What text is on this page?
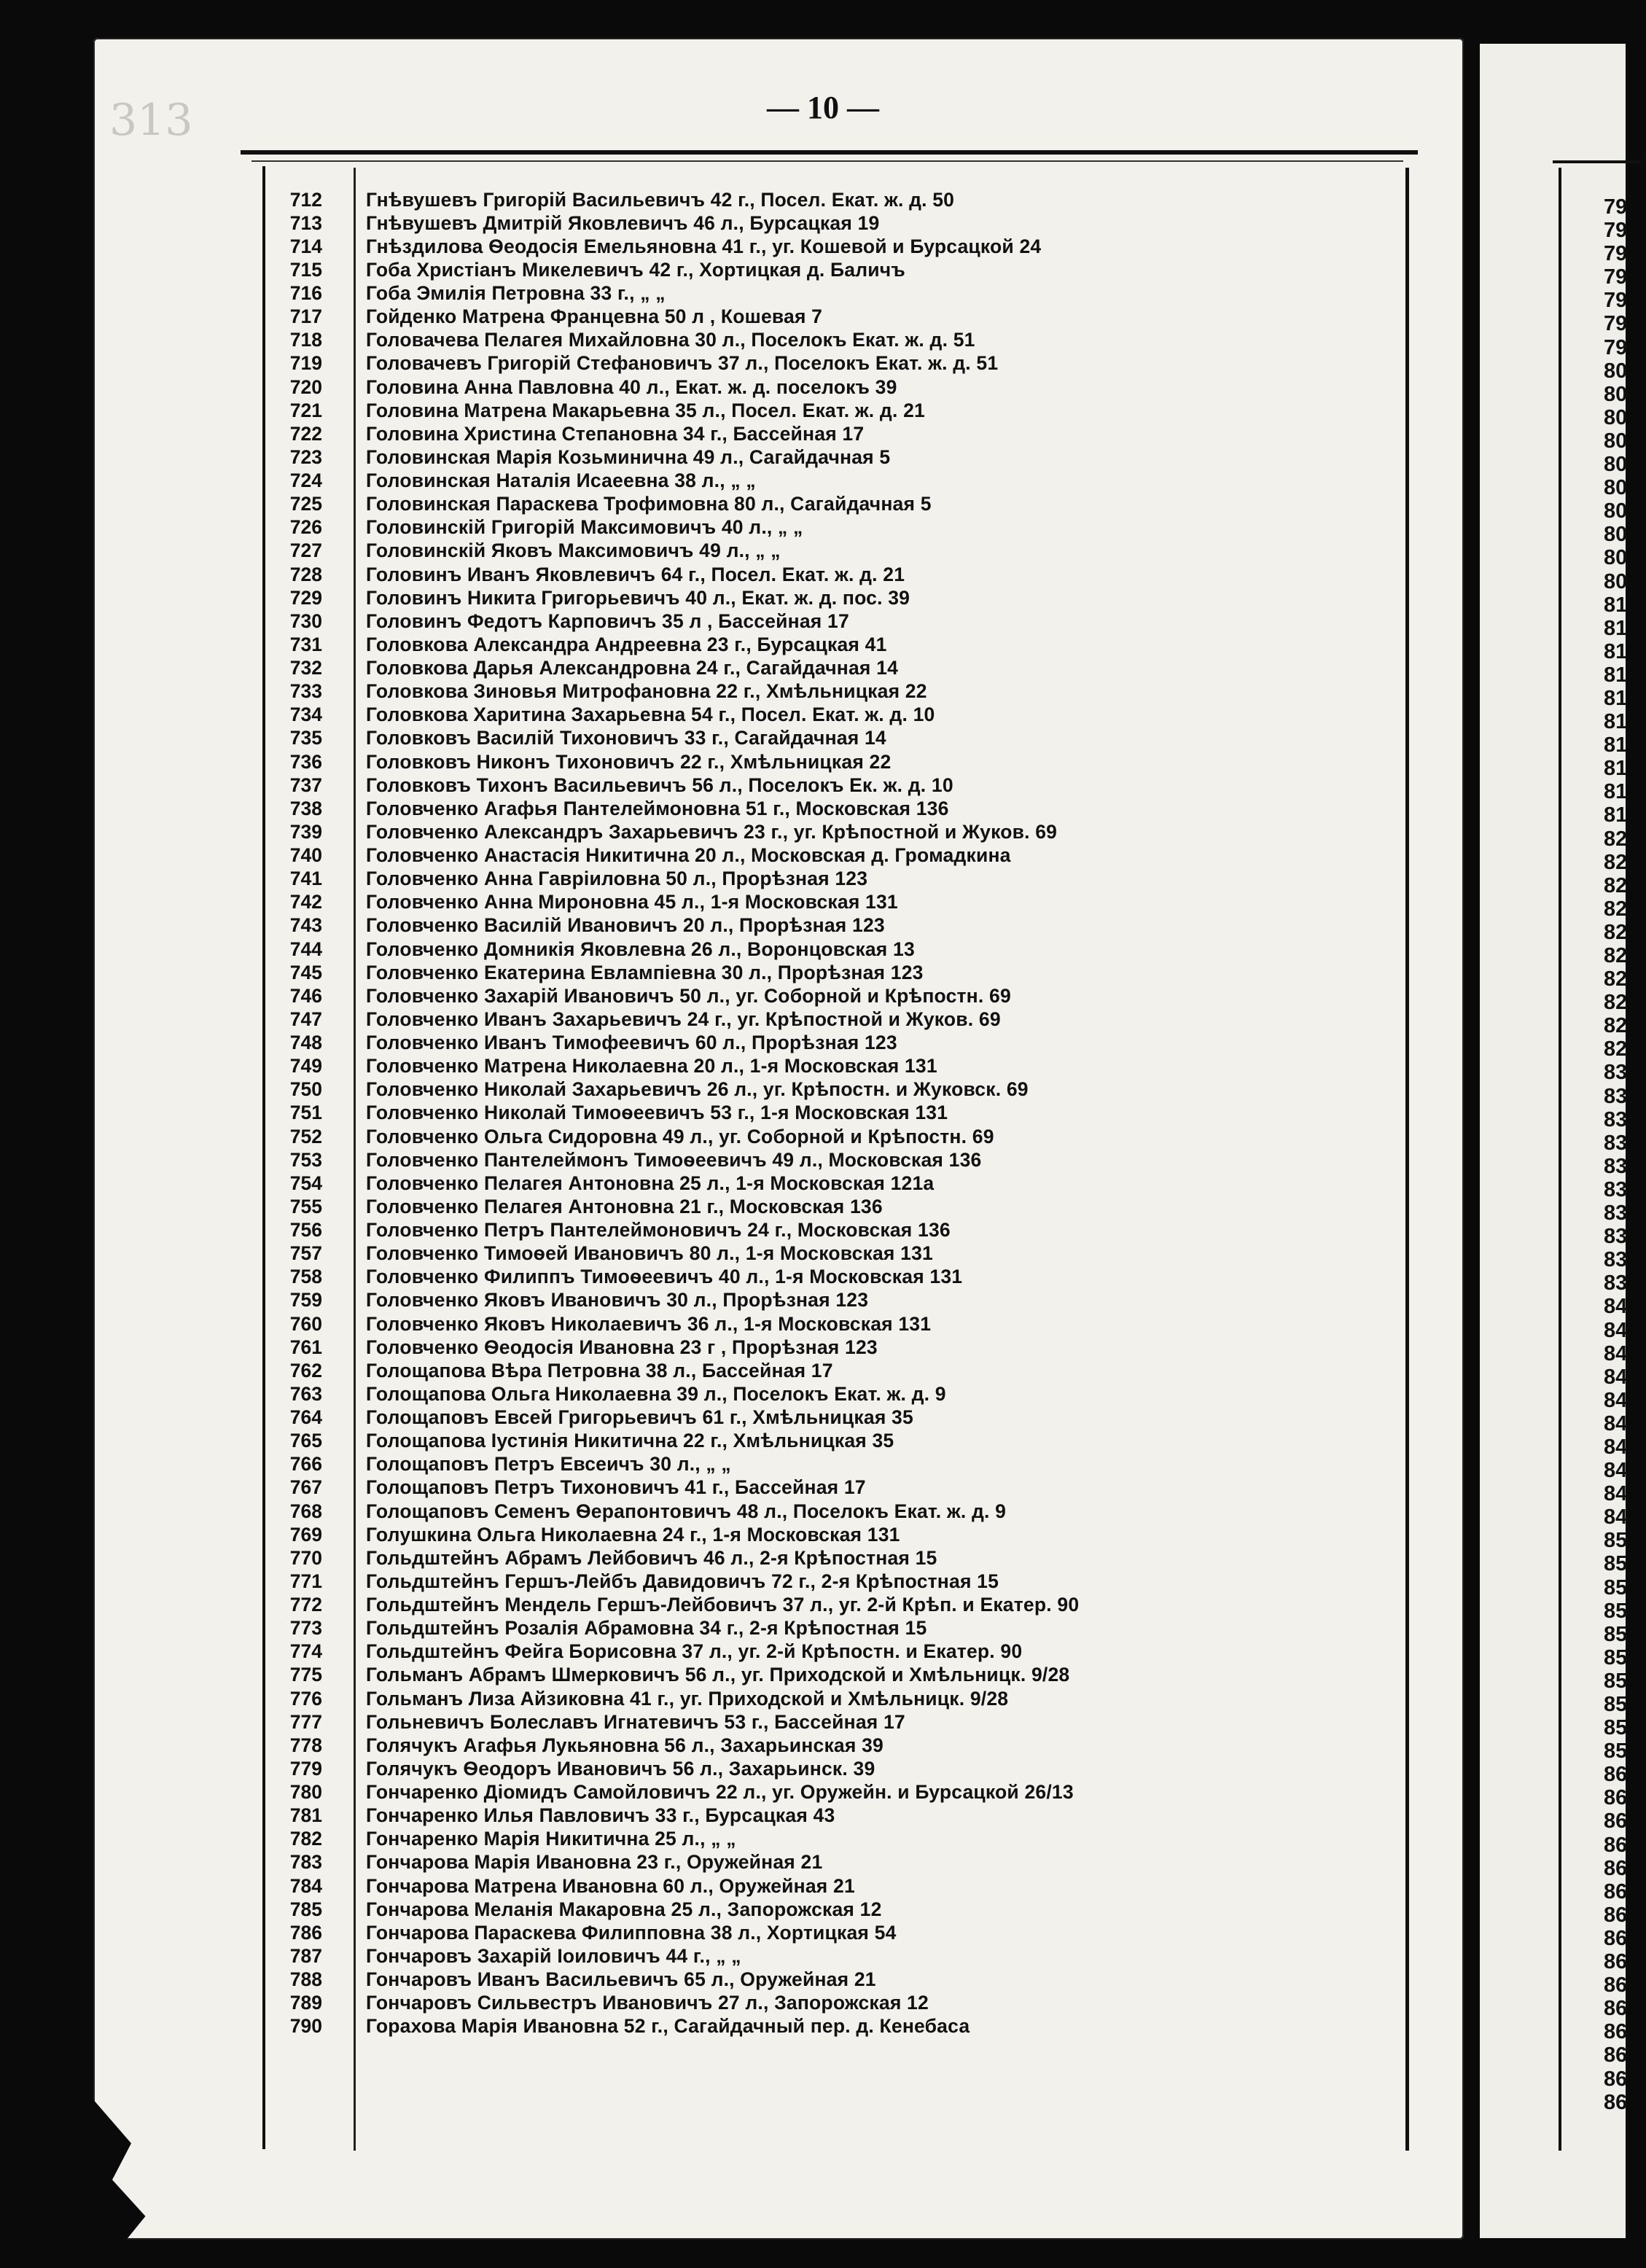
313
79
79
79
79
79
79
79
80
80
80
80
80
80
80
80
80
80
81
81
81
81
81
81
81
81
81
81
82
82
82
82
82
82
82
82
82
82
83
83
83
83
83
83
83
83
83
83
84
84
84
84
84
84
84
84
84
84
85
85
85
85
85
85
85
85
85
85
86
86
86
86
86
86
86
86
86
86
86
86
86
86
86
— 10 —
712	Гнѣвушевъ Григорій Васильевичъ 42 г., Посел. Екат. ж. д. 50
713	Гнѣвушевъ Дмитрій Яковлевичъ 46 л., Бурсацкая 19
714	Гнѣздилова Ѳеодосія Емельяновна 41 г., уг. Кошевой и Бурсацкой 24
715	Гоба Христіанъ Микелевичъ 42 г., Хортицкая д. Баличъ
716	Гоба Эмилія Петровна 33 г., „ „
717	Гойденко Матрена Францевна 50 л , Кошевая 7
718	Головачева Пелагея Михайловна 30 л., Поселокъ Екат. ж. д. 51
719	Головачевъ Григорій Стефановичъ 37 л., Поселокъ Екат. ж. д. 51
720	Головина Анна Павловна 40 л., Екат. ж. д. поселокъ 39
721	Головина Матрена Макарьевна 35 л., Посел. Екат. ж. д. 21
722	Головина Христина Степановна 34 г., Бассейная 17
723	Головинская Марія Козьминична 49 л., Сагайдачная 5
724	Головинская Наталія Исаеевна 38 л., „ „
725	Головинская Параскева Трофимовна 80 л., Сагайдачная 5
726	Головинскій Григорій Максимовичъ 40 л., „ „
727	Головинскій Яковъ Максимовичъ 49 л., „ „
728	Головинъ Иванъ Яковлевичъ 64 г., Посел. Екат. ж. д. 21
729	Головинъ Никита Григорьевичъ 40 л., Екат. ж. д. пос. 39
730	Головинъ Федотъ Карповичъ 35 л , Бассейная 17
731	Головкова Александра Андреевна 23 г., Бурсацкая 41
732	Головкова Дарья Александровна 24 г., Сагайдачная 14
733	Головкова Зиновья Митрофановна 22 г., Хмѣльницкая 22
734	Головкова Харитина Захарьевна 54 г., Посел. Екат. ж. д. 10
735	Головковъ Василій Тихоновичъ 33 г., Сагайдачная 14
736	Головковъ Никонъ Тихоновичъ 22 г., Хмѣльницкая 22
737	Головковъ Тихонъ Васильевичъ 56 л., Поселокъ Ек. ж. д. 10
738	Головченко Агафья Пантелеймоновна 51 г., Московская 136
739	Головченко Александръ Захарьевичъ 23 г., уг. Крѣпостной и Жуков. 69
740	Головченко Анастасія Никитична 20 л., Московская д. Громадкина
741	Головченко Анна Гавріиловна 50 л., Прорѣзная 123
742	Головченко Анна Мироновна 45 л., 1-я Московская 131
743	Головченко Василій Ивановичъ 20 л., Прорѣзная 123
744	Головченко Домникія Яковлевна 26 л., Воронцовская 13
745	Головченко Екатерина Евлампіевна 30 л., Прорѣзная 123
746	Головченко Захарій Ивановичъ 50 л., уг. Соборной и Крѣпостн. 69
747	Головченко Иванъ Захарьевичъ 24 г., уг. Крѣпостной и Жуков. 69
748	Головченко Иванъ Тимофеевичъ 60 л., Прорѣзная 123
749	Головченко Матрена Николаевна 20 л., 1-я Московская 131
750	Головченко Николай Захарьевичъ 26 л., уг. Крѣпостн. и Жуковск. 69
751	Головченко Николай Тимоѳеевичъ 53 г., 1-я Московская 131
752	Головченко Ольга Сидоровна 49 л., уг. Соборной и Крѣпостн. 69
753	Головченко Пантелеймонъ Тимоѳеевичъ 49 л., Московская 136
754	Головченко Пелагея Антоновна 25 л., 1-я Московская 121а
755	Головченко Пелагея Антоновна 21 г., Московская 136
756	Головченко Петръ Пантелеймоновичъ 24 г., Московская 136
757	Головченко Тимоѳей Ивановичъ 80 л., 1-я Московская 131
758	Головченко Филиппъ Тимоѳеевичъ 40 л., 1-я Московская 131
759	Головченко Яковъ Ивановичъ 30 л., Прорѣзная 123
760	Головченко Яковъ Николаевичъ 36 л., 1-я Московская 131
761	Головченко Ѳеодосія Ивановна 23 г , Прорѣзная 123
762	Голощапова Вѣра Петровна 38 л., Бассейная 17
763	Голощапова Ольга Николаевна 39 л., Поселокъ Екат. ж. д. 9
764	Голощаповъ Евсей Григорьевичъ 61 г., Хмѣльницкая 35
765	Голощапова Іустинія Никитична 22 г., Хмѣльницкая 35
766	Голощаповъ Петръ Евсеичъ 30 л., „ „
767	Голощаповъ Петръ Тихоновичъ 41 г., Бассейная 17
768	Голощаповъ Семенъ Ѳерапонтовичъ 48 л., Поселокъ Екат. ж. д. 9
769	Голушкина Ольга Николаевна 24 г., 1-я Московская 131
770	Гольдштейнъ Абрамъ Лейбовичъ 46 л., 2-я Крѣпостная 15
771	Гольдштейнъ Гершъ-Лейбъ Давидовичъ 72 г., 2-я Крѣпостная 15
772	Гольдштейнъ Мендель Гершъ-Лейбовичъ 37 л., уг. 2-й Крѣп. и Екатер. 90
773	Гольдштейнъ Розалія Абрамовна 34 г., 2-я Крѣпостная 15
774	Гольдштейнъ Фейга Борисовна 37 л., уг. 2-й Крѣпостн. и Екатер. 90
775	Гольманъ Абрамъ Шмерковичъ 56 л., уг. Приходской и Хмѣльницк. 9/28
776	Гольманъ Лиза Айзиковна 41 г., уг. Приходской и Хмѣльницк. 9/28
777	Гольневичъ Болеславъ Игнатевичъ 53 г., Бассейная 17
778	Голячукъ Агафья Лукьяновна 56 л., Захарьинская 39
779	Голячукъ Ѳеодоръ Ивановичъ 56 л., Захарьинск. 39
780	Гончаренко Діомидъ Самойловичъ 22 л., уг. Оружейн. и Бурсацкой 26/13
781	Гончаренко Илья Павловичъ 33 г., Бурсацкая 43
782	Гончаренко Марія Никитична 25 л., „ „
783	Гончарова Марія Ивановна 23 г., Оружейная 21
784	Гончарова Матрена Ивановна 60 л., Оружейная 21
785	Гончарова Меланія Макаровна 25 л., Запорожская 12
786	Гончарова Параскева Филипповна 38 л., Хортицкая 54
787	Гончаровъ Захарій Іоиловичъ 44 г., „ „
788	Гончаровъ Иванъ Васильевичъ 65 л., Оружейная 21
789	Гончаровъ Сильвестръ Ивановичъ 27 л., Запорожская 12
790	Горахова Марія Ивановна 52 г., Сагайдачный пер. д. Кенебаса
